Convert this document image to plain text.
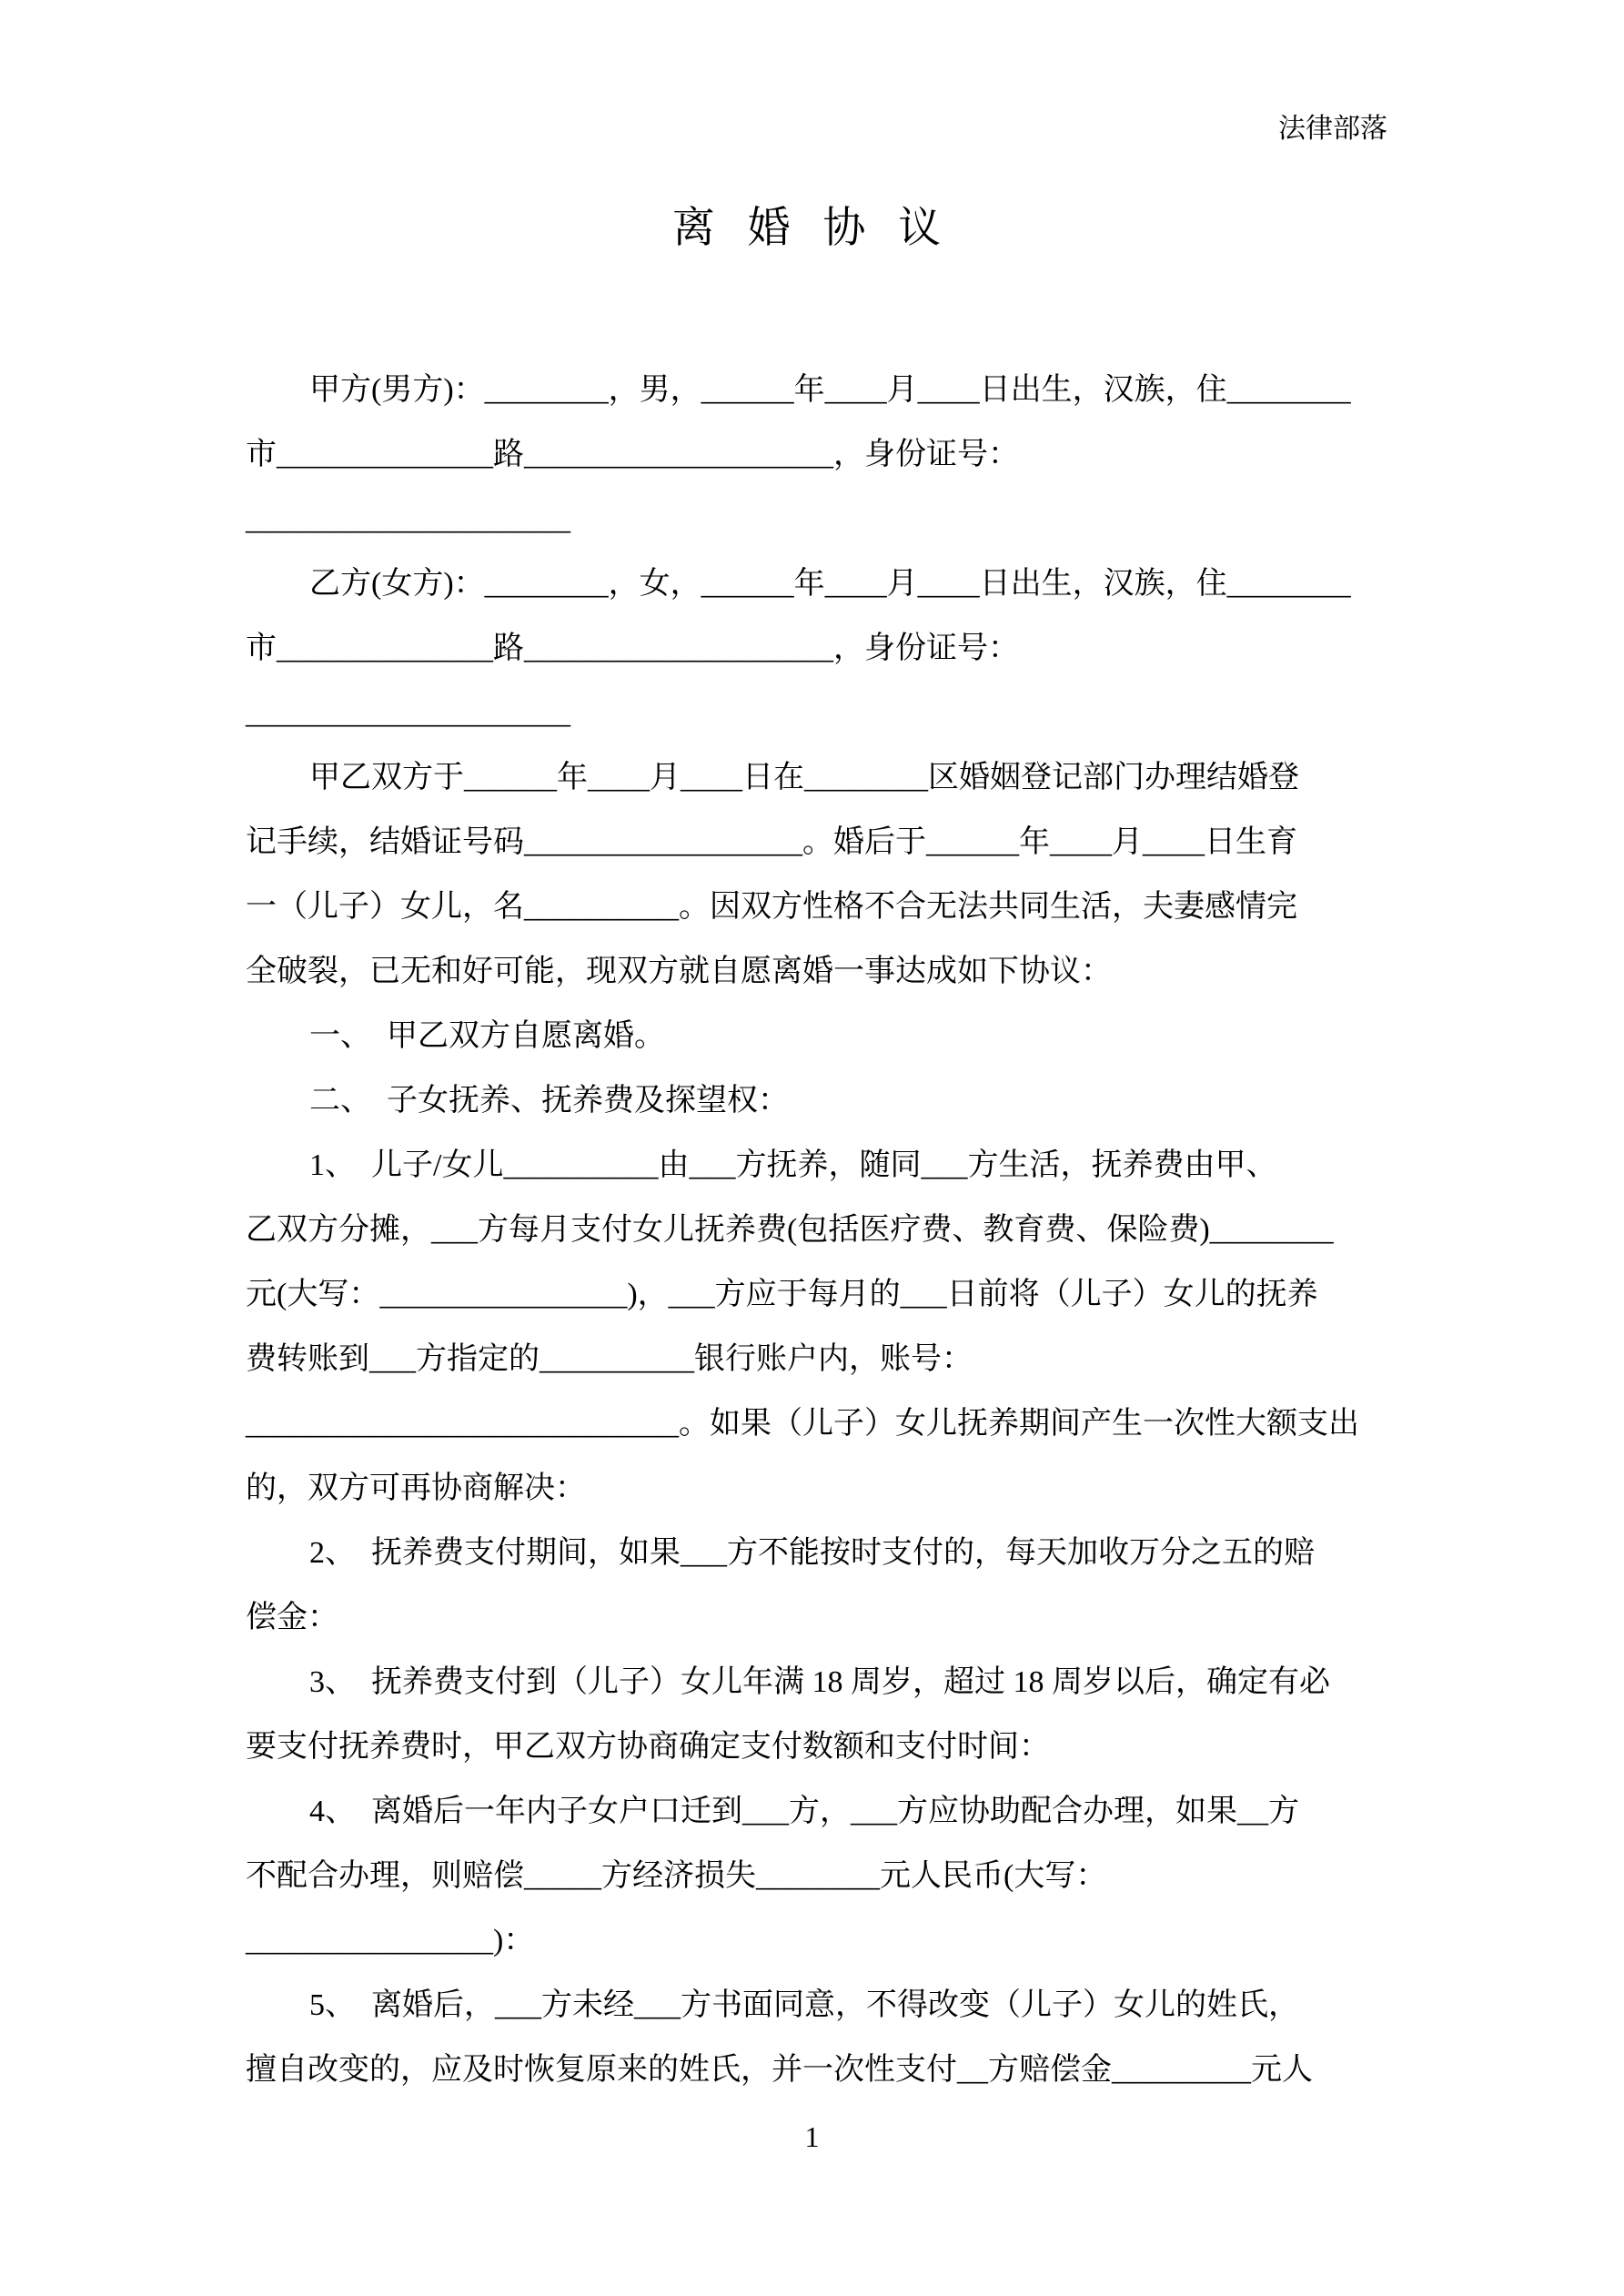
法律部落
离 婚 协 议
甲方(男方)：________，男，______年____月____日出生，汉族，住________
市______________路____________________，身份证号：
_____________________
乙方(女方)：________，女，______年____月____日出生，汉族，住________
市______________路____________________，身份证号：
_____________________
甲乙双方于______年____月____日在________区婚姻登记部门办理结婚登
记手续，结婚证号码__________________。婚后于______年____月____日生育
一（儿子）女儿，名__________。因双方性格不合无法共同生活，夫妻感情完
全破裂，已无和好可能，现双方就自愿离婚一事达成如下协议：
一、　甲乙双方自愿离婚。
二、　子女抚养、抚养费及探望权：
1、　儿子/女儿__________由___方抚养，随同___方生活，抚养费由甲、
乙双方分摊，___方每月支付女儿抚养费(包括医疗费、教育费、保险费)________
元(大写：________________)，___方应于每月的___日前将（儿子）女儿的抚养
费转账到___方指定的__________银行账户内，账号：
____________________________。如果（儿子）女儿抚养期间产生一次性大额支出
的，双方可再协商解决：
2、　抚养费支付期间，如果___方不能按时支付的，每天加收万分之五的赔
偿金：
3、　抚养费支付到（儿子）女儿年满 18 周岁，超过 18 周岁以后，确定有必
要支付抚养费时，甲乙双方协商确定支付数额和支付时间：
4、　离婚后一年内子女户口迁到___方，___方应协助配合办理，如果__方
不配合办理，则赔偿_____方经济损失________元人民币(大写：
________________)：
5、　离婚后，___方未经___方书面同意，不得改变（儿子）女儿的姓氏，
擅自改变的，应及时恢复原来的姓氏，并一次性支付__方赔偿金_________元人
1
